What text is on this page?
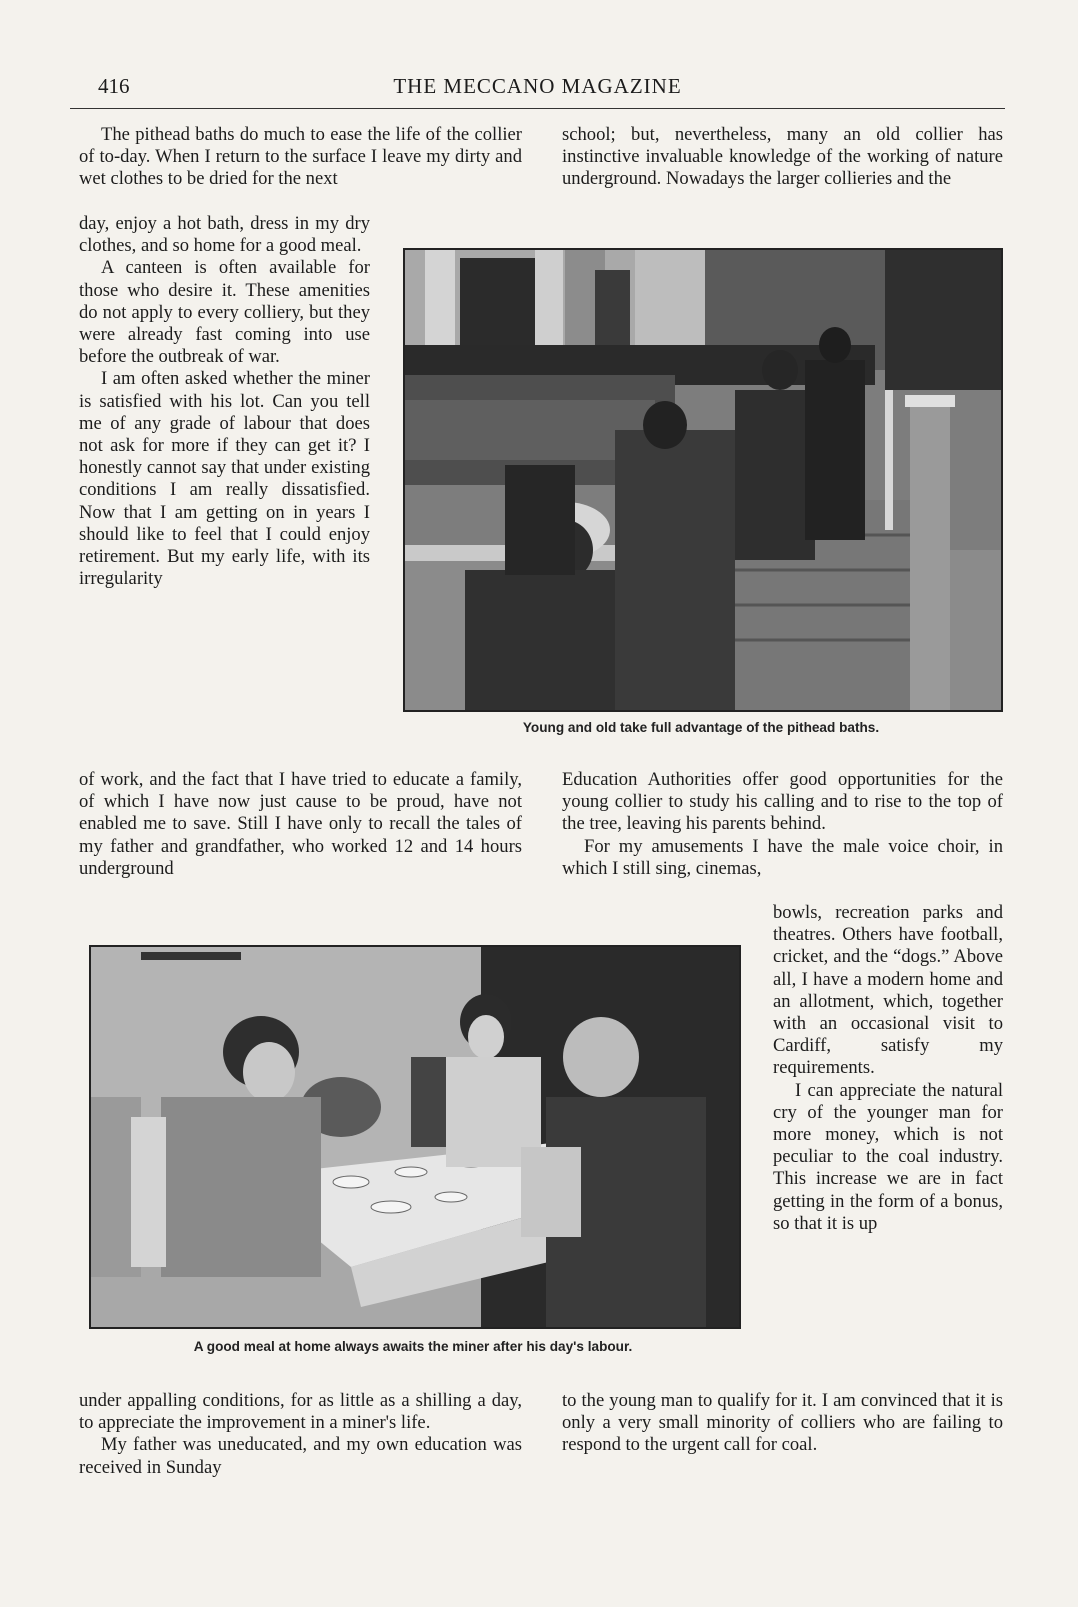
416	THE MECCANO MAGAZINE

The pithead baths do much to ease the life of the collier of to-day. When I return to the surface I leave my dirty and wet clothes to be dried for the next

day, enjoy a hot bath, dress in my dry clothes, and so home for a good meal.

A canteen is often available for those who desire it. These amenities do not apply to every colliery, but they were already fast coming into use before the outbreak of war.

I am often asked whether the miner is satisfied with his lot. Can you tell me of any grade of labour that does not ask for more if they can get it? I honestly cannot say that under existing conditions I am really dissatisfied. Now that I am getting on in years I should like to feel that I could enjoy retirement. But my early life, with its irregularity

of work, and the fact that I have tried to educate a family, of which I have now just cause to be proud, have not enabled me to save. Still I have only to recall the tales of my father and grandfather, who worked 12 and 14 hours underground

under appalling conditions, for as little as a shilling a day, to appreciate the improvement in a miner's life.

My father was uneducated, and my own education was received in Sunday

school; but, nevertheless, many an old collier has instinctive invaluable knowledge of the working of nature underground. Nowadays the larger collieries and the

Education Authorities offer good opportunities for the young collier to study his calling and to rise to the top of the tree, leaving his parents behind.

For my amusements I have the male voice choir, in which I still sing, cinemas,

bowls, recreation parks and theatres. Others have football, cricket, and the “dogs.” Above all, I have a modern home and an allotment, which, together with an occasional visit to Cardiff, satisfy my requirements.

I can appreciate the natural cry of the younger man for more money, which is not peculiar to the coal industry. This increase we are in fact getting in the form of a bonus, so that it is up

to the young man to qualify for it. I am convinced that it is only a very small minority of colliers who are failing to respond to the urgent call for coal.

Young and old take full advantage of the pithead baths.
A good meal at home always awaits the miner after his day's labour.
